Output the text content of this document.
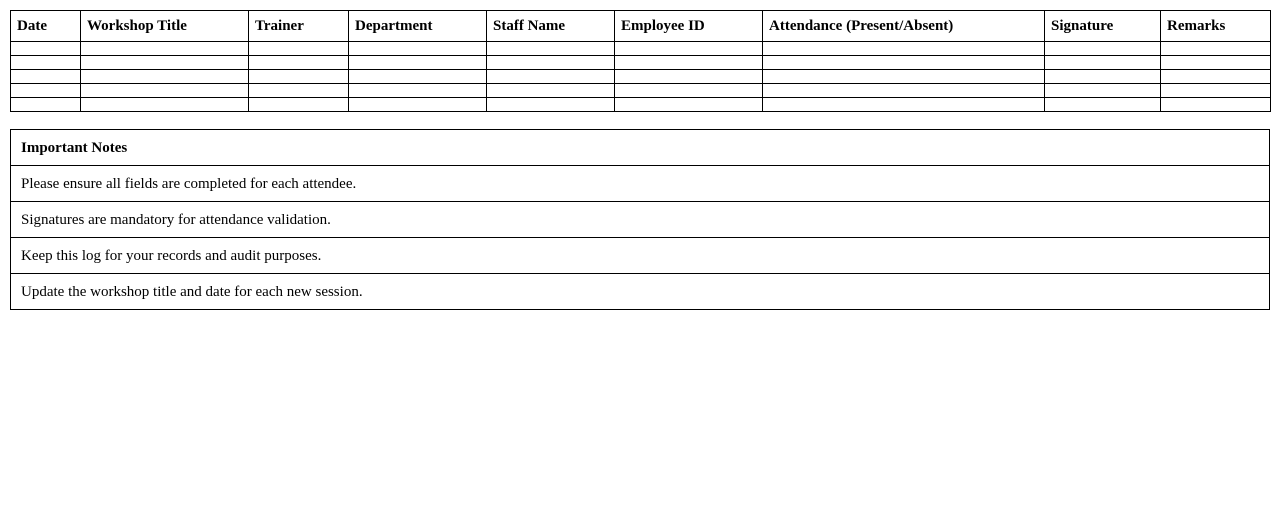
Date	Workshop Title	Trainer	Department	Staff Name	Employee ID	Attendance (Present/Absent)	Signature	Remarks

Important Notes
Please ensure all fields are completed for each attendee.
Signatures are mandatory for attendance validation.
Keep this log for your records and audit purposes.
Update the workshop title and date for each new session.
